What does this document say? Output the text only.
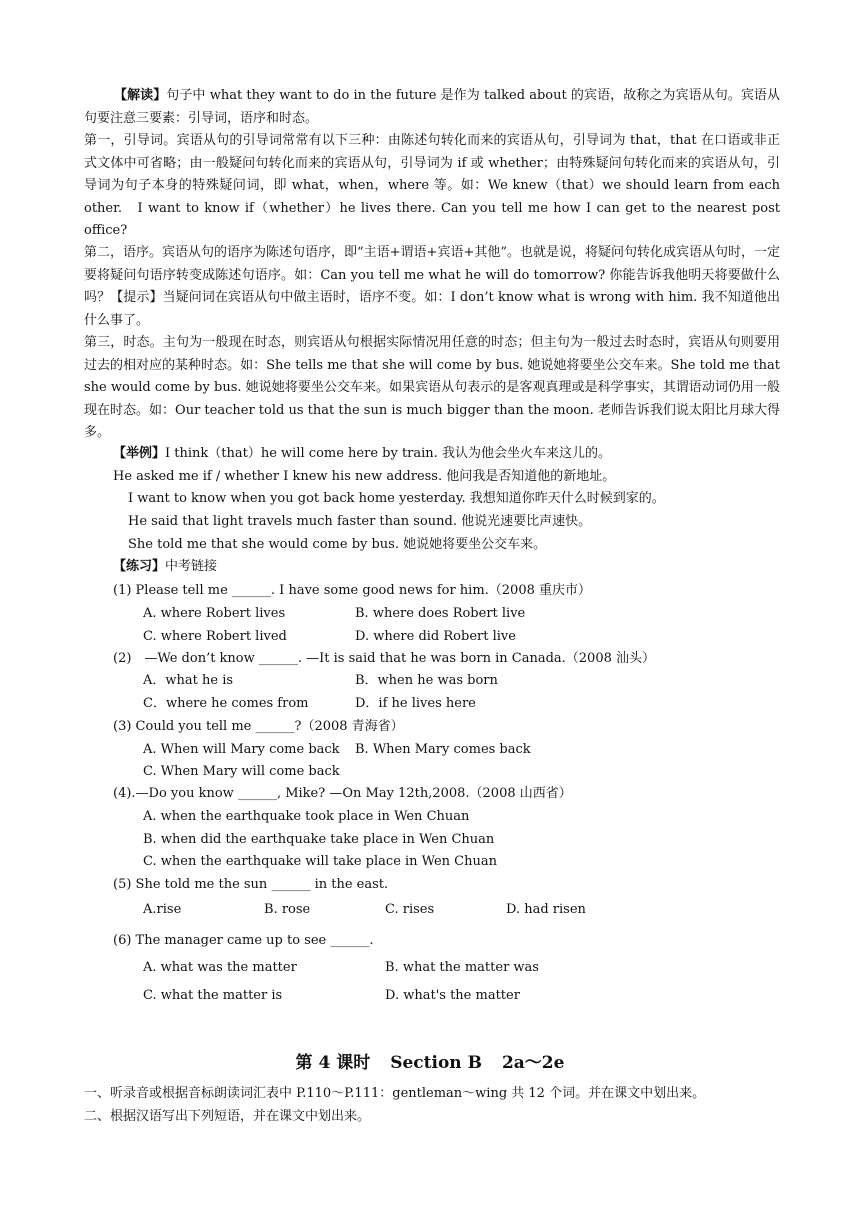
【解读】句子中 what they want to do in the future 是作为 talked about 的宾语，故称之为宾语从句。宾语从句要注意三要素：引导词，语序和时态。

第一，引导词。宾语从句的引导词常常有以下三种：由陈述句转化而来的宾语从句，引导词为 that，that 在口语或非正式文体中可省略；由一般疑问句转化而来的宾语从句，引导词为 if 或 whether；由特殊疑问句转化而来的宾语从句，引导词为句子本身的特殊疑问词，即 what，when，where 等。如：We knew（that）we should learn from each other.　I want to know if（whether）he lives there. Can you tell me how I can get to the nearest post office?

第二，语序。宾语从句的语序为陈述句语序，即“主语+谓语+宾语+其他”。也就是说，将疑问句转化成宾语从句时，一定要将疑问句语序转变成陈述句语序。如：Can you tell me what he will do tomorrow? 你能告诉我他明天将要做什么吗？【提示】当疑问词在宾语从句中做主语时，语序不变。如：I don’t know what is wrong with him. 我不知道他出什么事了。

第三，时态。主句为一般现在时态，则宾语从句根据实际情况用任意的时态；但主句为一般过去时态时，宾语从句则要用过去的相对应的某种时态。如：She tells me that she will come by bus. 她说她将要坐公交车来。She told me that she would come by bus. 她说她将要坐公交车来。如果宾语从句表示的是客观真理或是科学事实，其谓语动词仍用一般现在时态。如：Our teacher told us that the sun is much bigger than the moon. 老师告诉我们说太阳比月球大得多。

【举例】I think（that）he will come here by train. 我认为他会坐火车来这儿的。

He asked me if / whether I knew his new address. 他问我是否知道他的新地址。

I want to know when you got back home yesterday. 我想知道你昨天什么时候到家的。

He said that light travels much faster than sound. 他说光速要比声速快。

She told me that she would come by bus. 她说她将要坐公交车来。

【练习】中考链接

(1) Please tell me ______. I have some good news for him.（2008 重庆市）

A. where Robert lives	B. where does Robert live
C. where Robert lived	D. where did Robert live

(2)　—We don’t know ______. —It is said that he was born in Canada.（2008 汕头）

A．what he is	B．when he was born
C．where he comes from	D．if he lives here

(3) Could you tell me ______?（2008 青海省）

A. When will Mary come back B. When Mary comes back
C. When Mary will come back

(4).—Do you know ______, Mike? —On May 12th,2008.（2008 山西省）

A. when the earthquake took place in Wen Chuan
B. when did the earthquake take place in Wen Chuan
C. when the earthquake will take place in Wen Chuan

(5) She told me the sun ______ in the east.

A.rise	B. rose	C. rises	D. had risen

(6) The manager came up to see ______.

A. what was the matter	B. what the matter was
C. what the matter is	D. what's the matter
第 4 课时 Section B 2a～2e

一、听录音或根据音标朗读词汇表中 P.110～P.111：gentleman～wing 共 12 个词。并在课文中划出来。

二、根据汉语写出下列短语，并在课文中划出来。
